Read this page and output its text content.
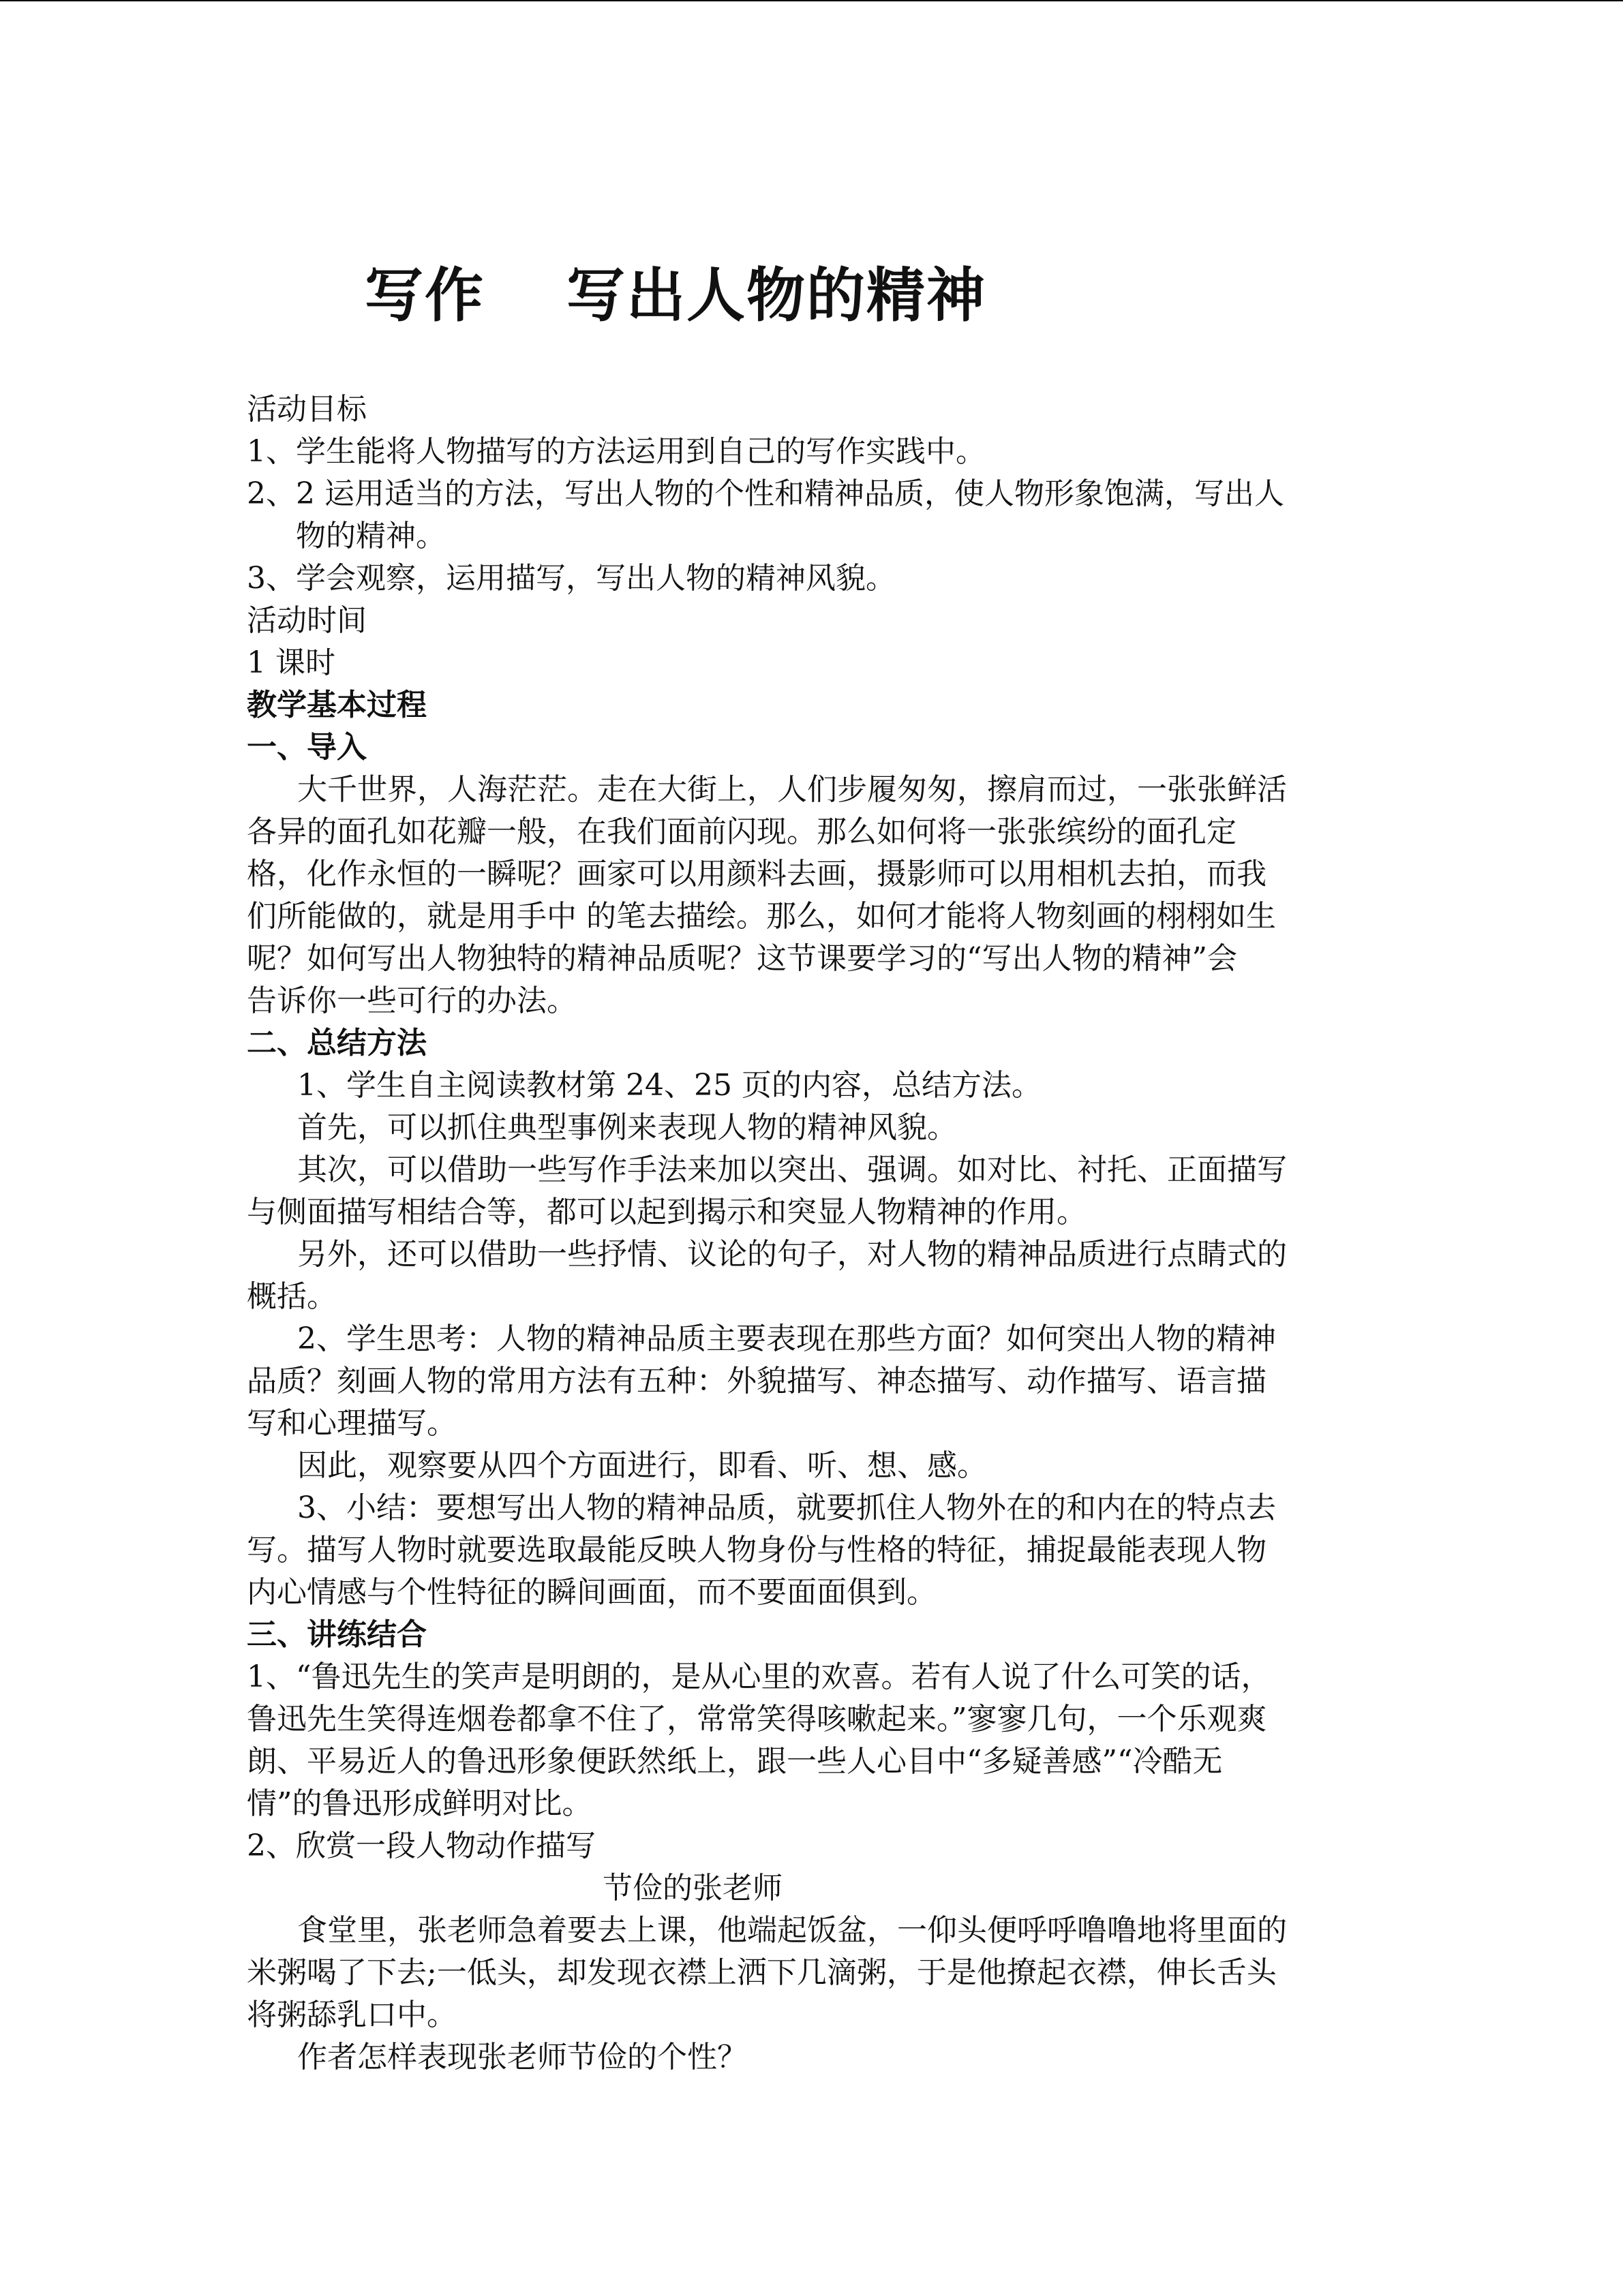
写作 写出人物的精神
活动目标
1、学生能将人物描写的方法运用到自己的写作实践中。
2、2 运用适当的方法，写出人物的个性和精神品质，使人物形象饱满，写出人
物的精神。
3、学会观察，运用描写，写出人物的精神风貌。
活动时间
1 课时
教学基本过程
一、导入
大千世界，人海茫茫。走在大街上，人们步履匆匆，擦肩而过，一张张鲜活
各异的面孔如花瓣一般，在我们面前闪现。那么如何将一张张缤纷的面孔定
格，化作永恒的一瞬呢？画家可以用颜料去画，摄影师可以用相机去拍，而我
们所能做的，就是用手中 的笔去描绘。那么，如何才能将人物刻画的栩栩如生
呢？如何写出人物独特的精神品质呢？这节课要学习的“写出人物的精神”会
告诉你一些可行的办法。
二、总结方法
1、学生自主阅读教材第 24、25 页的内容，总结方法。
首先，可以抓住典型事例来表现人物的精神风貌。
其次，可以借助一些写作手法来加以突出、强调。如对比、衬托、正面描写
与侧面描写相结合等，都可以起到揭示和突显人物精神的作用。
另外，还可以借助一些抒情、议论的句子，对人物的精神品质进行点睛式的
概括。
2、学生思考：人物的精神品质主要表现在那些方面？如何突出人物的精神
品质？刻画人物的常用方法有五种：外貌描写、神态描写、动作描写、语言描
写和心理描写。
因此，观察要从四个方面进行，即看、听、想、感。
3、小结：要想写出人物的精神品质，就要抓住人物外在的和内在的特点去
写。描写人物时就要选取最能反映人物身份与性格的特征，捕捉最能表现人物
内心情感与个性特征的瞬间画面，而不要面面俱到。
三、讲练结合
1、“鲁迅先生的笑声是明朗的，是从心里的欢喜。若有人说了什么可笑的话，
鲁迅先生笑得连烟卷都拿不住了，常常笑得咳嗽起来。”寥寥几句，一个乐观爽
朗、平易近人的鲁迅形象便跃然纸上，跟一些人心目中“多疑善感”“冷酷无
情”的鲁迅形成鲜明对比。
2、欣赏一段人物动作描写
节俭的张老师
食堂里，张老师急着要去上课，他端起饭盆，一仰头便呼呼噜噜地将里面的
米粥喝了下去;一低头，却发现衣襟上洒下几滴粥，于是他撩起衣襟，伸长舌头
将粥舔乳口中。
作者怎样表现张老师节俭的个性？
